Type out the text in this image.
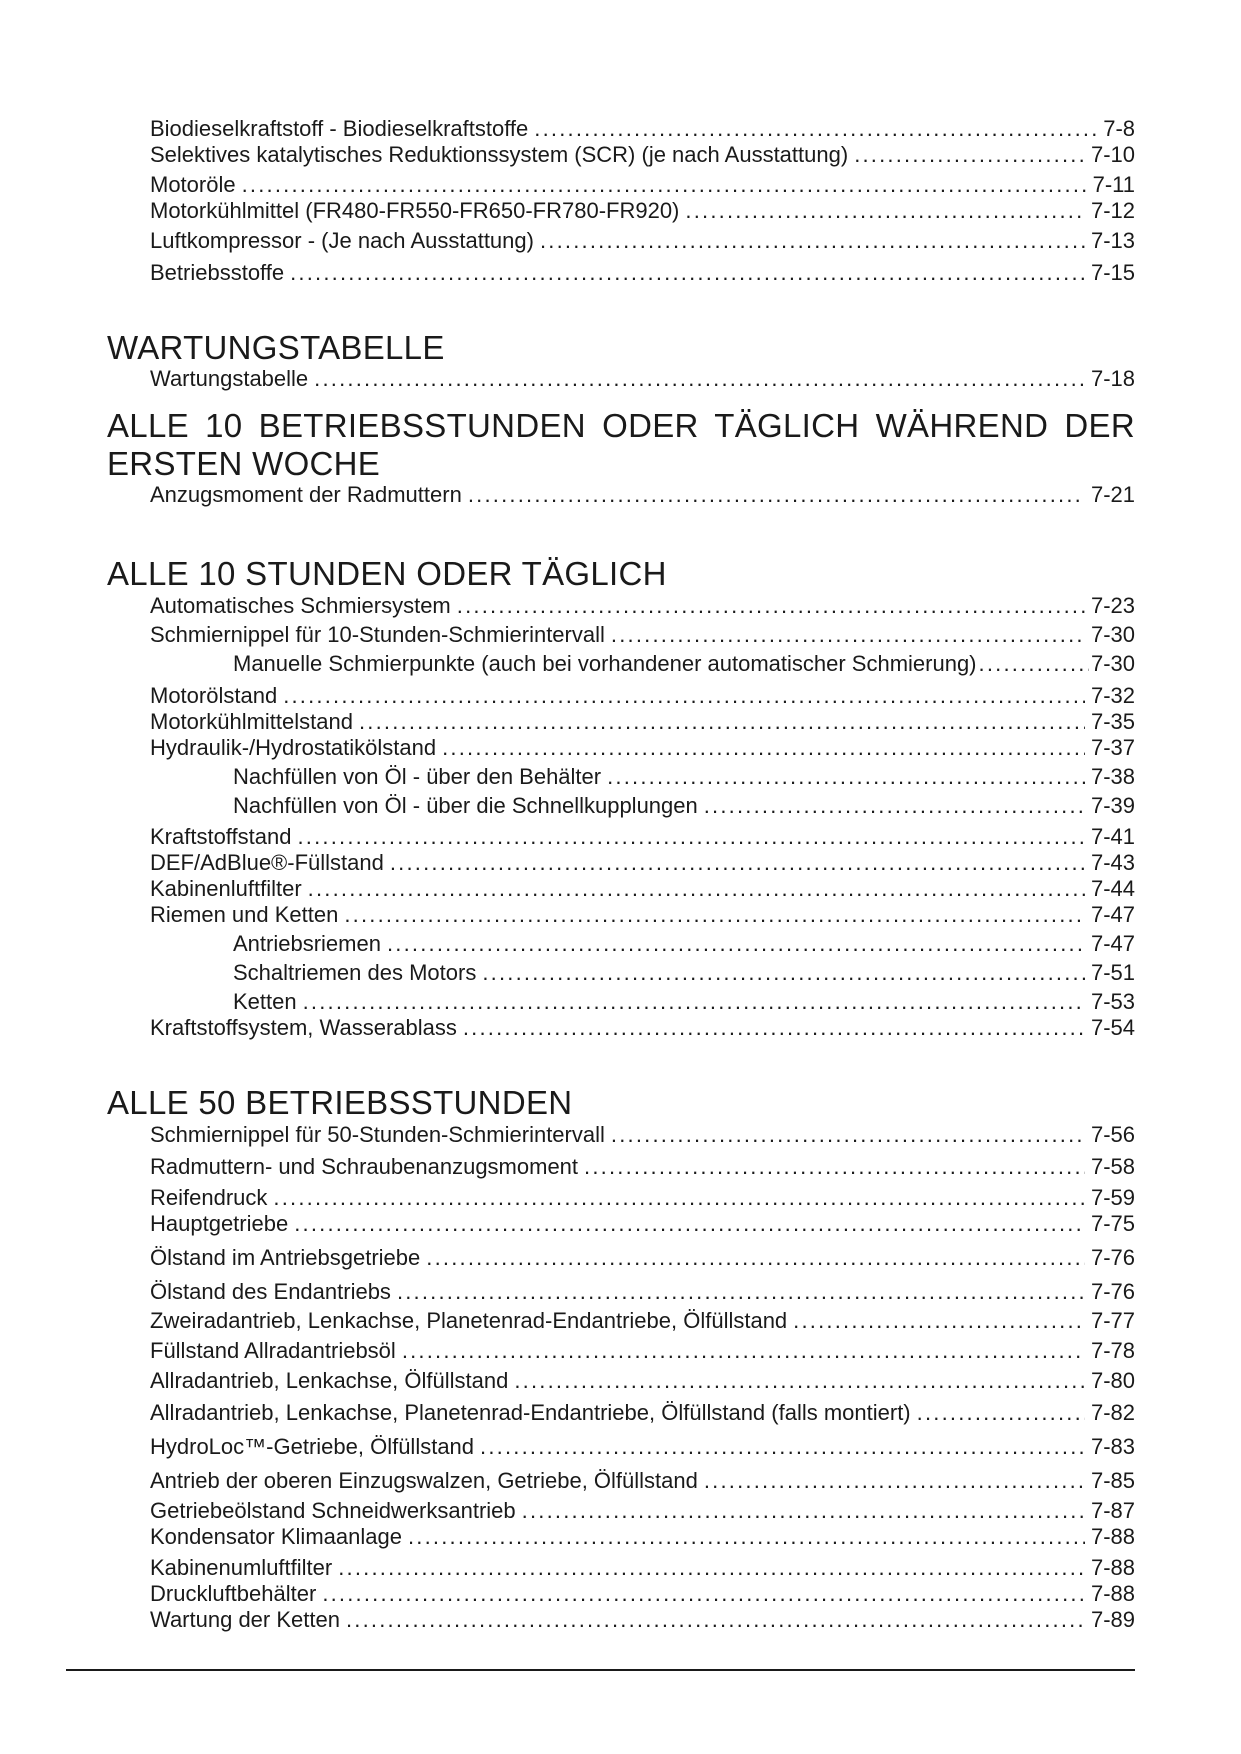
Biodieselkraftstoff - Biodieselkraftstoffe .....	7-8
Selektives katalytisches Reduktionssystem (SCR) (je nach Ausstattung) .....	7-10
Motoröle .....	7-11
Motorkühlmittel (FR480-FR550-FR650-FR780-FR920) .....	7-12
Luftkompressor - (Je nach Ausstattung) .....	7-13
Betriebsstoffe .....	7-15
WARTUNGSTABELLE
Wartungstabelle .....	7-18
ALLE 10 BETRIEBSSTUNDEN ODER TÄGLICH WÄHREND DER ERSTEN WOCHE
Anzugsmoment der Radmuttern .....	7-21
ALLE 10 STUNDEN ODER TÄGLICH
Automatisches Schmiersystem .....	7-23
Schmiernippel für 10-Stunden-Schmierintervall .....	7-30
Manuelle Schmierpunkte (auch bei vorhandener automatischer Schmierung) .....	7-30
Motorölstand .....	7-32
Motorkühlmittelstand .....	7-35
Hydraulik-/Hydrostatikölstand .....	7-37
Nachfüllen von Öl - über den Behälter .....	7-38
Nachfüllen von Öl - über die Schnellkupplungen .....	7-39
Kraftstoffstand .....	7-41
DEF/AdBlue®-Füllstand .....	7-43
Kabinenluftfilter .....	7-44
Riemen und Ketten .....	7-47
Antriebsriemen .....	7-47
Schaltriemen des Motors .....	7-51
Ketten .....	7-53
Kraftstoffsystem, Wasserablass .....	7-54
ALLE 50 BETRIEBSSTUNDEN
Schmiernippel für 50-Stunden-Schmierintervall .....	7-56
Radmuttern- und Schraubenanzugsmoment .....	7-58
Reifendruck .....	7-59
Hauptgetriebe .....	7-75
Ölstand im Antriebsgetriebe .....	7-76
Ölstand des Endantriebs .....	7-76
Zweiradantrieb, Lenkachse, Planetenrad-Endantriebe, Ölfüllstand .....	7-77
Füllstand Allradantriebsöl .....	7-78
Allradantrieb, Lenkachse, Ölfüllstand .....	7-80
Allradantrieb, Lenkachse, Planetenrad-Endantriebe, Ölfüllstand (falls montiert) .....	7-82
HydroLoc™-Getriebe, Ölfüllstand .....	7-83
Antrieb der oberen Einzugswalzen, Getriebe, Ölfüllstand .....	7-85
Getriebeölstand Schneidwerksantrieb .....	7-87
Kondensator Klimaanlage .....	7-88
Kabinenumluftfilter .....	7-88
Druckluftbehälter .....	7-88
Wartung der Ketten .....	7-89
